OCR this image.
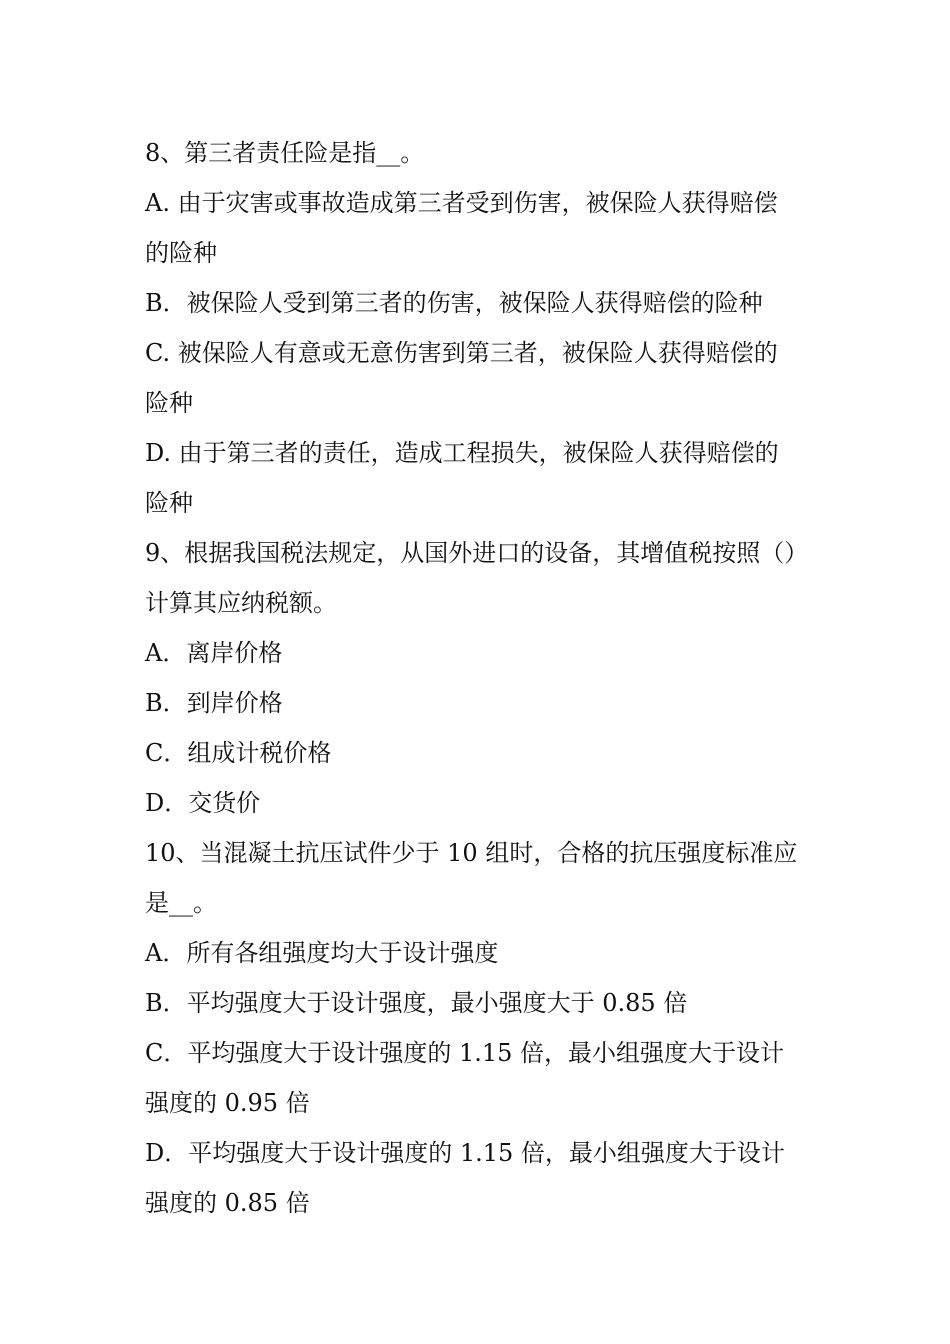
8、第三者责任险是指__。
A. 由于灾害或事故造成第三者受到伤害，被保险人获得赔偿
的险种
B．被保险人受到第三者的伤害，被保险人获得赔偿的险种
C. 被保险人有意或无意伤害到第三者，被保险人获得赔偿的
险种
D. 由于第三者的责任，造成工程损失，被保险人获得赔偿的
险种
9、根据我国税法规定，从国外进口的设备，其增值税按照（）
计算其应纳税额。
A．离岸价格
B．到岸价格
C．组成计税价格
D．交货价
10、当混凝土抗压试件少于 10 组时，合格的抗压强度标准应
是__。
A．所有各组强度均大于设计强度
B．平均强度大于设计强度，最小强度大于 0.85 倍
C．平均强度大于设计强度的 1.15 倍，最小组强度大于设计
强度的 0.95 倍
D．平均强度大于设计强度的 1.15 倍，最小组强度大于设计
强度的 0.85 倍
